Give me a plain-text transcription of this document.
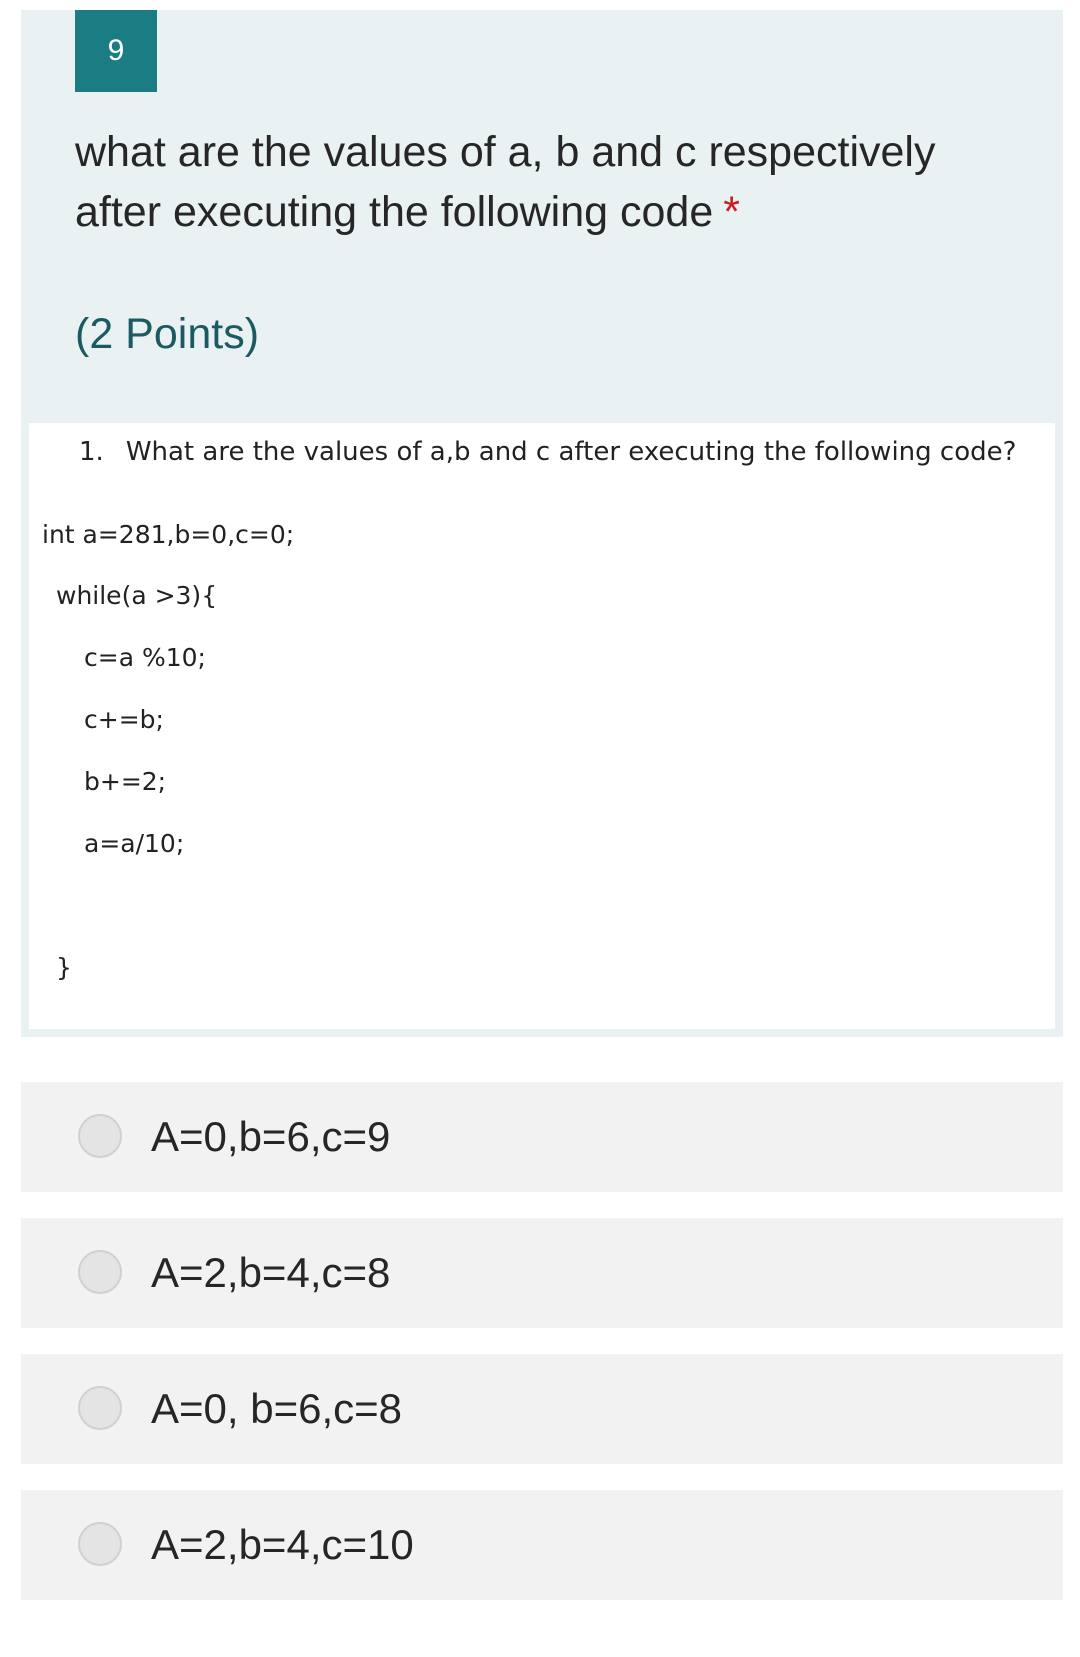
9
what are the values of a, b and c respectively after executing the following code *
(2 Points)
1. What are the values of a,b and c after executing the following code?
int a=281,b=0,c=0;
while(a >3){
c=a %10;
c+=b;
b+=2;
a=a/10;
}
A=0,b=6,c=9
A=2,b=4,c=8
A=0, b=6,c=8
A=2,b=4,c=10
